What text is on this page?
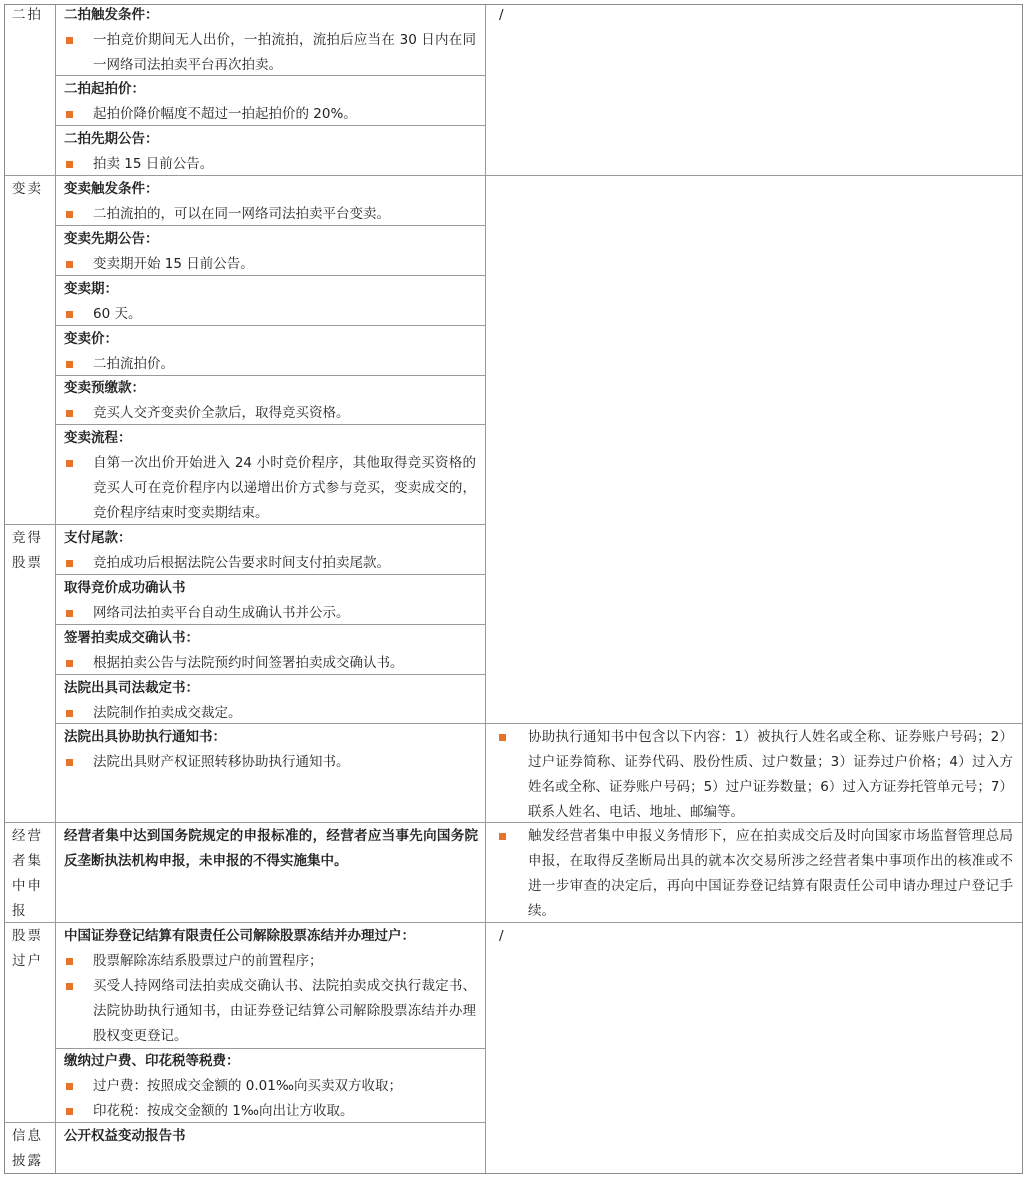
二拍	二拍触发条件：
一拍竞价期间无人出价，一拍流拍，流拍后应当在 30 日内在同一网络司法拍卖平台再次拍卖。
二拍起拍价：
起拍价降价幅度不超过一拍起拍价的 20%。
二拍先期公告：
拍卖 15 日前公告。
/
变卖	变卖触发条件：
二拍流拍的，可以在同一网络司法拍卖平台变卖。
变卖先期公告：
变卖期开始 15 日前公告。
变卖期：
60 天。
变卖价：
二拍流拍价。
变卖预缴款：
竞买人交齐变卖价全款后，取得竞买资格。
变卖流程：
自第一次出价开始进入 24 小时竞价程序，其他取得竞买资格的竞买人可在竞价程序内以递增出价方式参与竞买，变卖成交的，竞价程序结束时变卖期结束。
竞得股票
支付尾款：
竞拍成功后根据法院公告要求时间支付拍卖尾款。
取得竞价成功确认书
网络司法拍卖平台自动生成确认书并公示。
签署拍卖成交确认书：
根据拍卖公告与法院预约时间签署拍卖成交确认书。
法院出具司法裁定书：
法院制作拍卖成交裁定。
法院出具协助执行通知书：
法院出具财产权证照转移协助执行通知书。
协助执行通知书中包含以下内容：1）被执行人姓名或全称、证券账户号码；2）过户证券简称、证券代码、股份性质、过户数量；3）证券过户价格；4）过入方姓名或全称、证券账户号码；5）过户证券数量；6）过入方证券托管单元号；7）联系人姓名、电话、地址、邮编等。
经营者集中申报
经营者集中达到国务院规定的申报标准的，经营者应当事先向国务院反垄断执法机构申报，未申报的不得实施集中。
触发经营者集中申报义务情形下，应在拍卖成交后及时向国家市场监督管理总局申报，在取得反垄断局出具的就本次交易所涉之经营者集中事项作出的核准或不进一步审查的决定后，再向中国证券登记结算有限责任公司申请办理过户登记手续。
股票过户
中国证券登记结算有限责任公司解除股票冻结并办理过户：
股票解除冻结系股票过户的前置程序；
买受人持网络司法拍卖成交确认书、法院拍卖成交执行裁定书、法院协助执行通知书，由证券登记结算公司解除股票冻结并办理股权变更登记。
缴纳过户费、印花税等税费：
过户费：按照成交金额的 0.01‰向买卖双方收取；
印花税：按成交金额的 1‰向出让方收取。
/
信息披露
公开权益变动报告书
